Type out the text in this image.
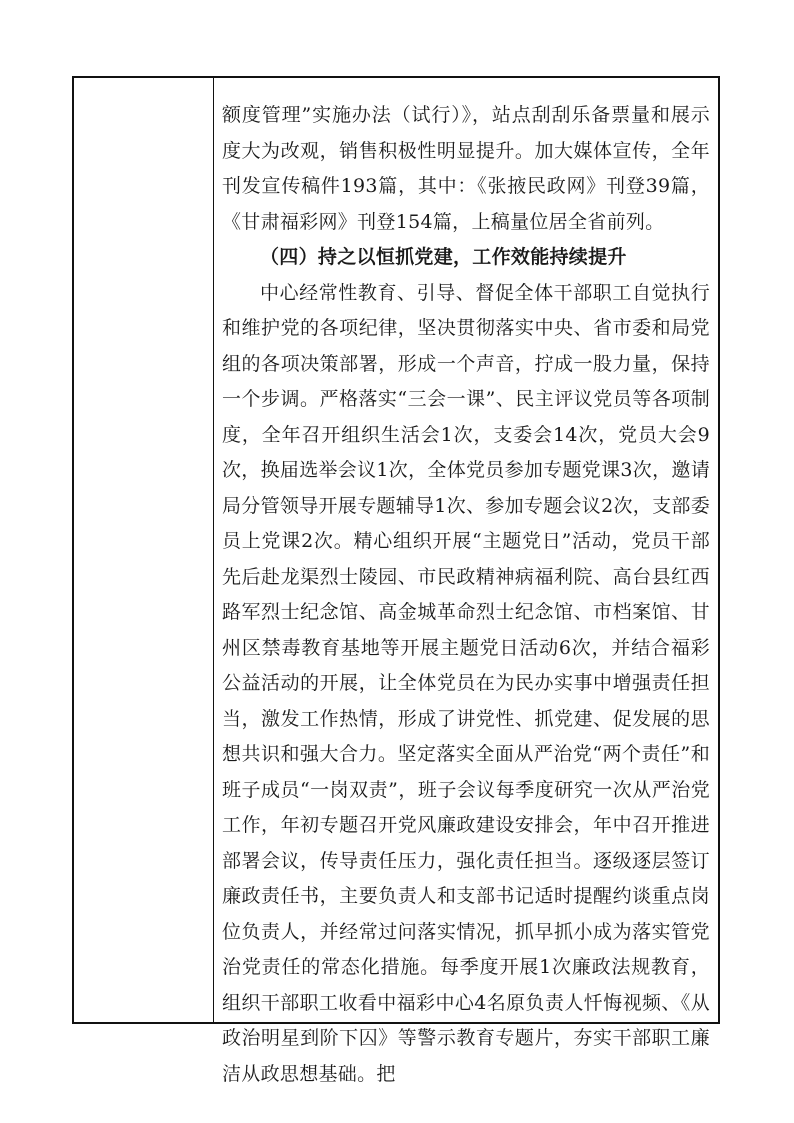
额度管理”实施办法（试行）》，站点刮刮乐备票量和展示度大为改观，销售积极性明显提升。加大媒体宣传，全年刊发宣传稿件193篇，其中：《张掖民政网》刊登39篇，《甘肃福彩网》刊登154篇，上稿量位居全省前列。

（四）持之以恒抓党建，工作效能持续提升

中心经常性教育、引导、督促全体干部职工自觉执行和维护党的各项纪律，坚决贯彻落实中央、省市委和局党组的各项决策部署，形成一个声音，拧成一股力量，保持一个步调。严格落实“三会一课”、民主评议党员等各项制度，全年召开组织生活会1次，支委会14次，党员大会9次，换届选举会议1次，全体党员参加专题党课3次，邀请局分管领导开展专题辅导1次、参加专题会议2次，支部委员上党课2次。精心组织开展“主题党日”活动，党员干部先后赴龙渠烈士陵园、市民政精神病福利院、高台县红西路军烈士纪念馆、高金城革命烈士纪念馆、市档案馆、甘州区禁毒教育基地等开展主题党日活动6次，并结合福彩公益活动的开展，让全体党员在为民办实事中增强责任担当，激发工作热情，形成了讲党性、抓党建、促发展的思想共识和强大合力。坚定落实全面从严治党“两个责任”和班子成员“一岗双责”，班子会议每季度研究一次从严治党工作，年初专题召开党风廉政建设安排会，年中召开推进部署会议，传导责任压力，强化责任担当。逐级逐层签订廉政责任书，主要负责人和支部书记适时提醒约谈重点岗位负责人，并经常过问落实情况，抓早抓小成为落实管党治党责任的常态化措施。每季度开展1次廉政法规教育，组织干部职工收看中福彩中心4名原负责人忏悔视频、《从政治明星到阶下囚》等警示教育专题片，夯实干部职工廉洁从政思想基础。把
